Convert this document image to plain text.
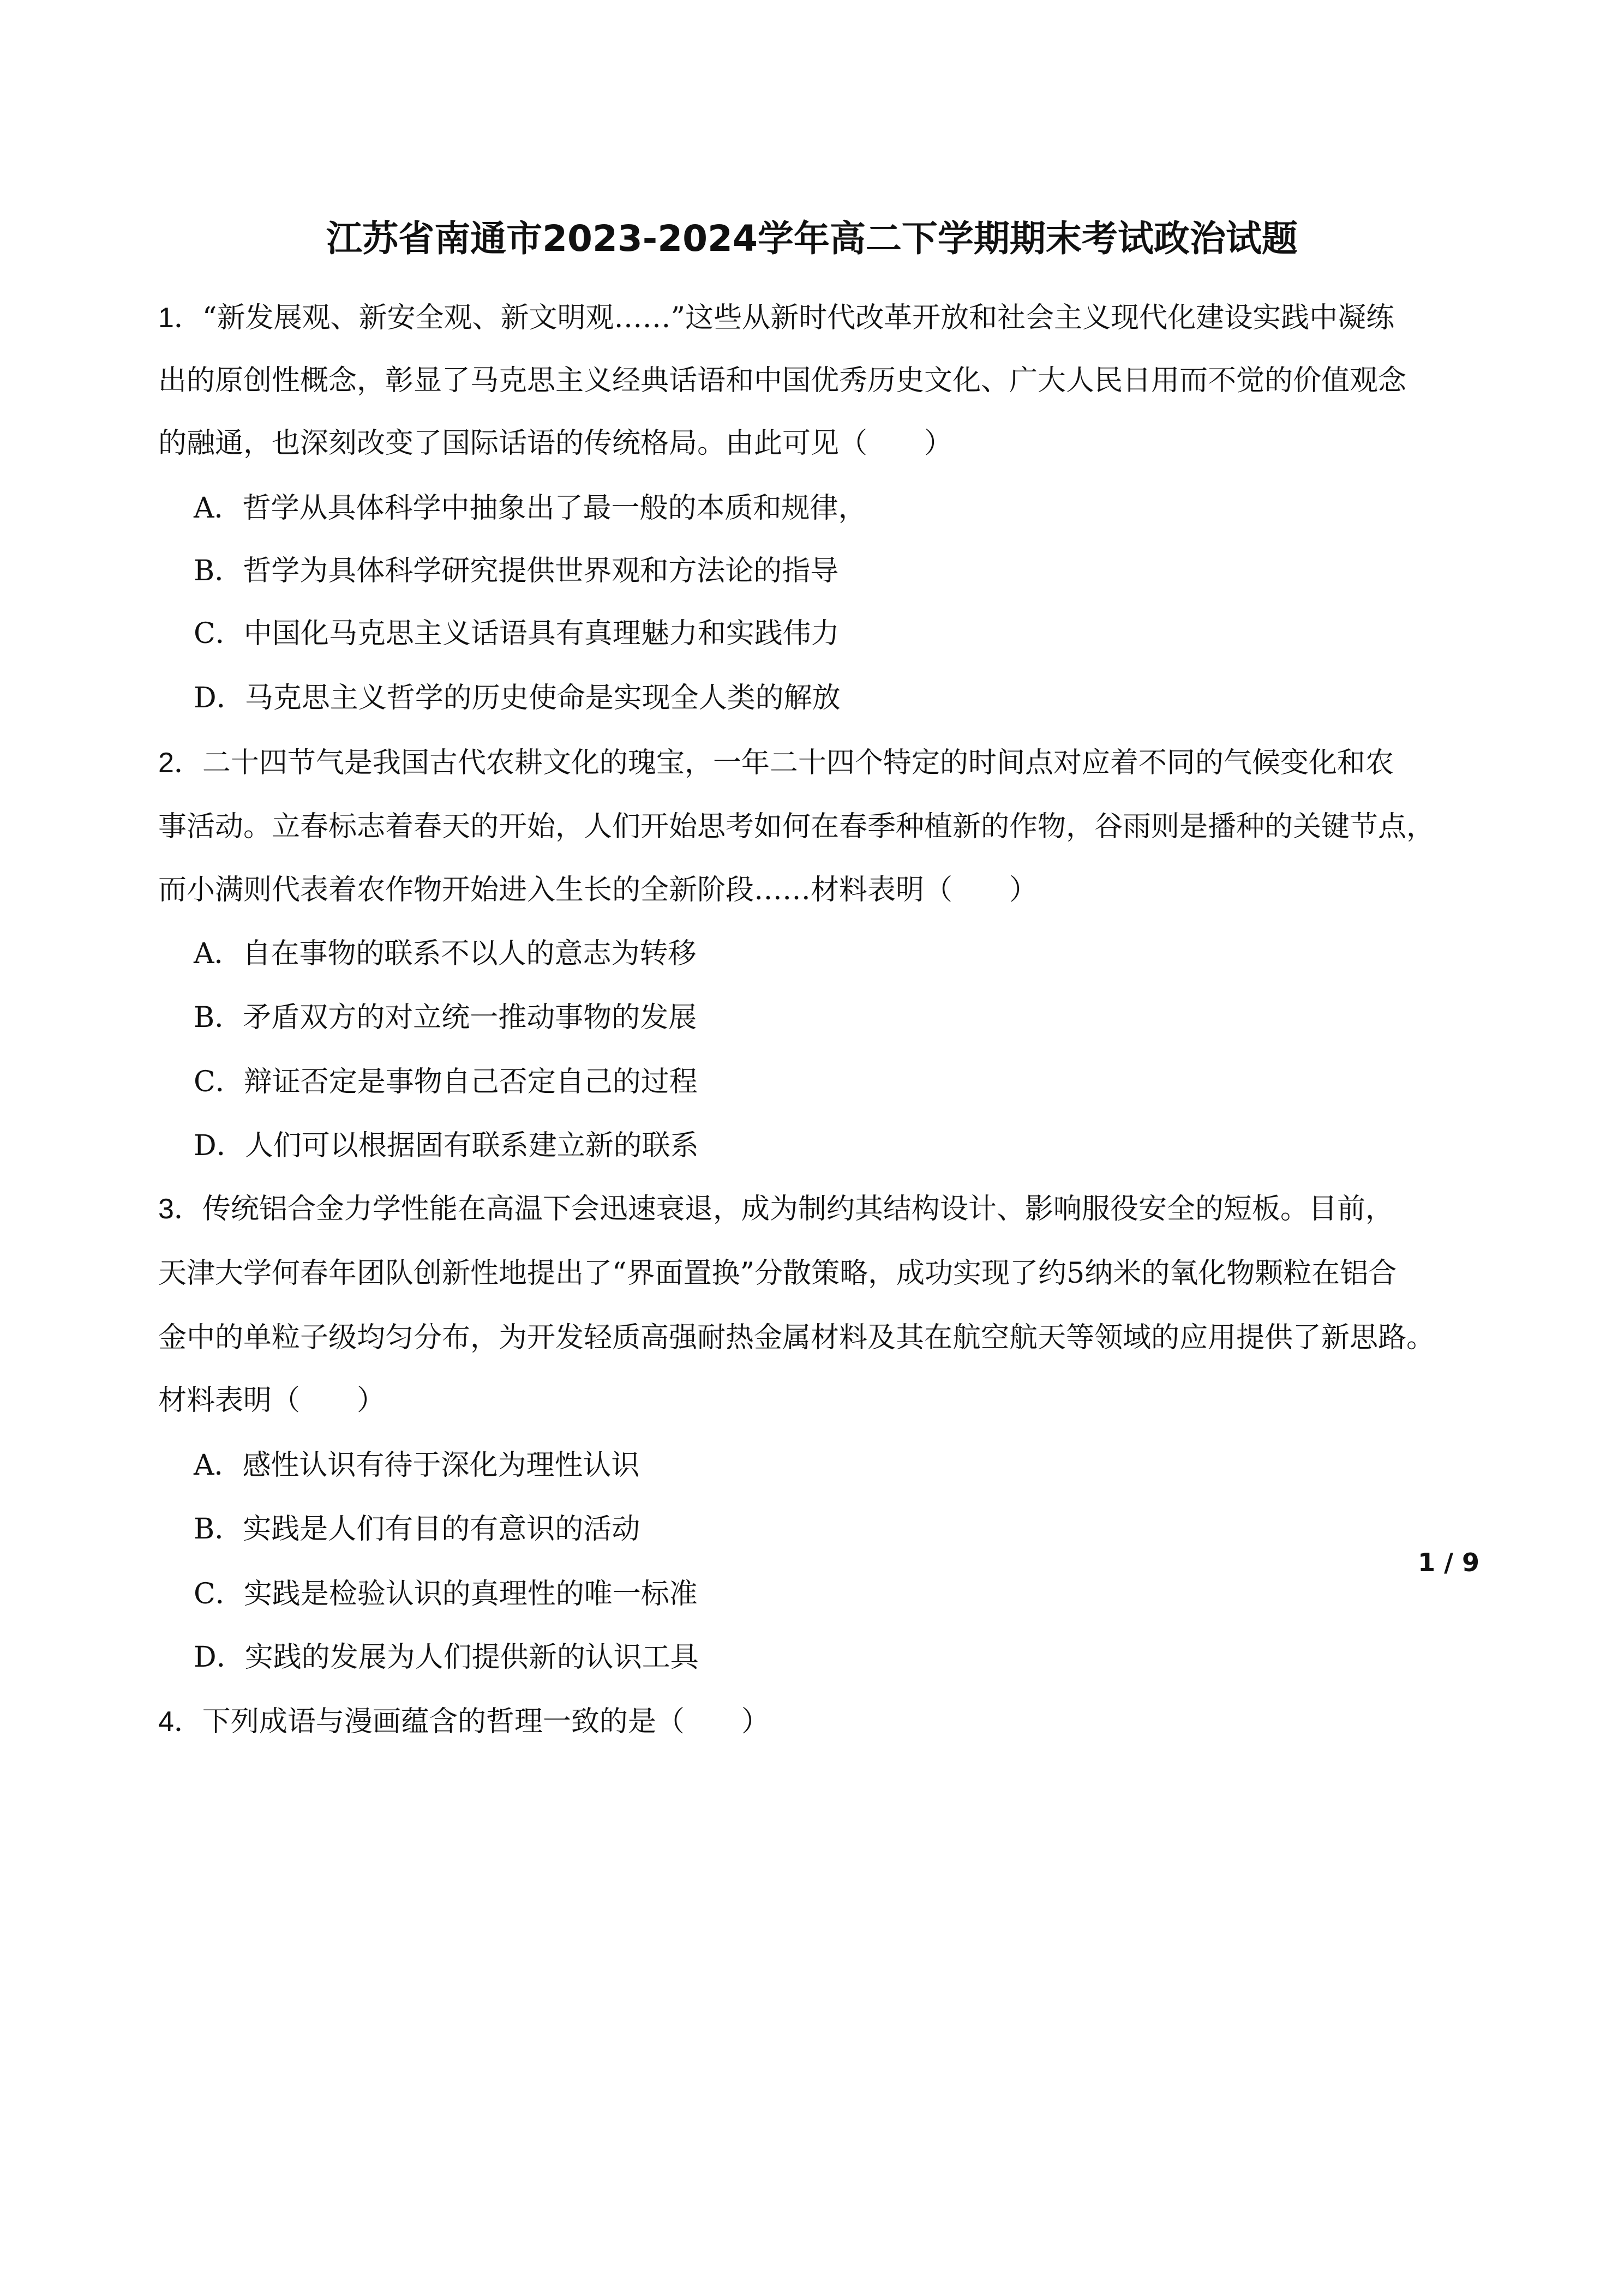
江苏省南通市2023-2024学年高二下学期期末考试政治试题

1．“新发展观、新安全观、新文明观……”这些从新时代改革开放和社会主义现代化建设实践中凝练

出的原创性概念，彰显了马克思主义经典话语和中国优秀历史文化、广大人民日用而不觉的价值观念

的融通，也深刻改变了国际话语的传统格局。由此可见（　　）

A．哲学从具体科学中抽象出了最一般的本质和规律，

B．哲学为具体科学研究提供世界观和方法论的指导

C．中国化马克思主义话语具有真理魅力和实践伟力

D．马克思主义哲学的历史使命是实现全人类的解放

2．二十四节气是我国古代农耕文化的瑰宝，一年二十四个特定的时间点对应着不同的气候变化和农

事活动。立春标志着春天的开始，人们开始思考如何在春季种植新的作物，谷雨则是播种的关键节点，

而小满则代表着农作物开始进入生长的全新阶段……材料表明（　　）

A．自在事物的联系不以人的意志为转移

B．矛盾双方的对立统一推动事物的发展

C．辩证否定是事物自己否定自己的过程

D．人们可以根据固有联系建立新的联系

3．传统铝合金力学性能在高温下会迅速衰退，成为制约其结构设计、影响服役安全的短板。目前，

天津大学何春年团队创新性地提出了“界面置换”分散策略，成功实现了约5纳米的氧化物颗粒在铝合

金中的单粒子级均匀分布，为开发轻质高强耐热金属材料及其在航空航天等领域的应用提供了新思路。

材料表明（　　）

A．感性认识有待于深化为理性认识

B．实践是人们有目的有意识的活动

C．实践是检验认识的真理性的唯一标准

D．实践的发展为人们提供新的认识工具

4．下列成语与漫画蕴含的哲理一致的是（　　）

1 / 9
